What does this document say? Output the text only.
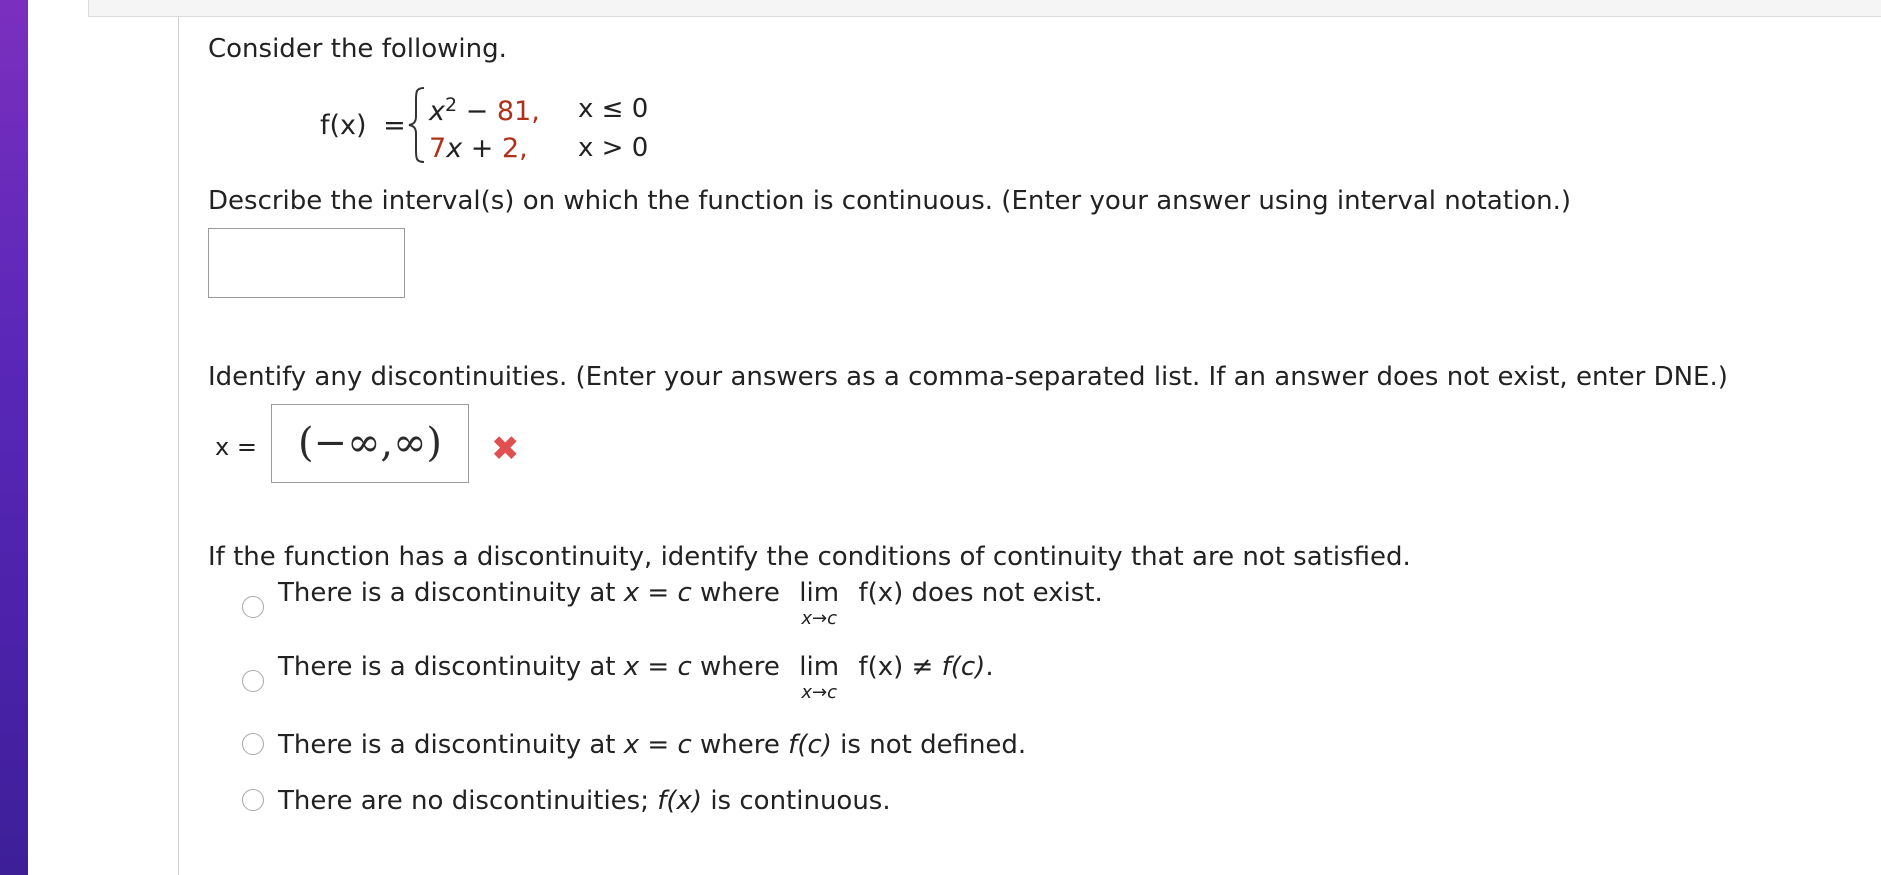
Consider the following.
$f(x) = x^2 - 81$, x ≤ 0
7x + 2, x > 0
Describe the interval(s) on which the function is continuous. (Enter your answer using interval notation.)
Identify any discontinuities. (Enter your answers as a comma-separated list. If an answer does not exist, enter DNE.)
x =	(−∞,∞)	✖
If the function has a discontinuity, identify the conditions of continuity that are not satisfied.
There is a discontinuity at x = c where lim
x→c
f(x) does not exist.
There is a discontinuity at x = c where lim
x→c
f(x) ≠ f(c).
There is a discontinuity at x = c where f(c) is not defined.
There are no discontinuities; f(x) is continuous.
